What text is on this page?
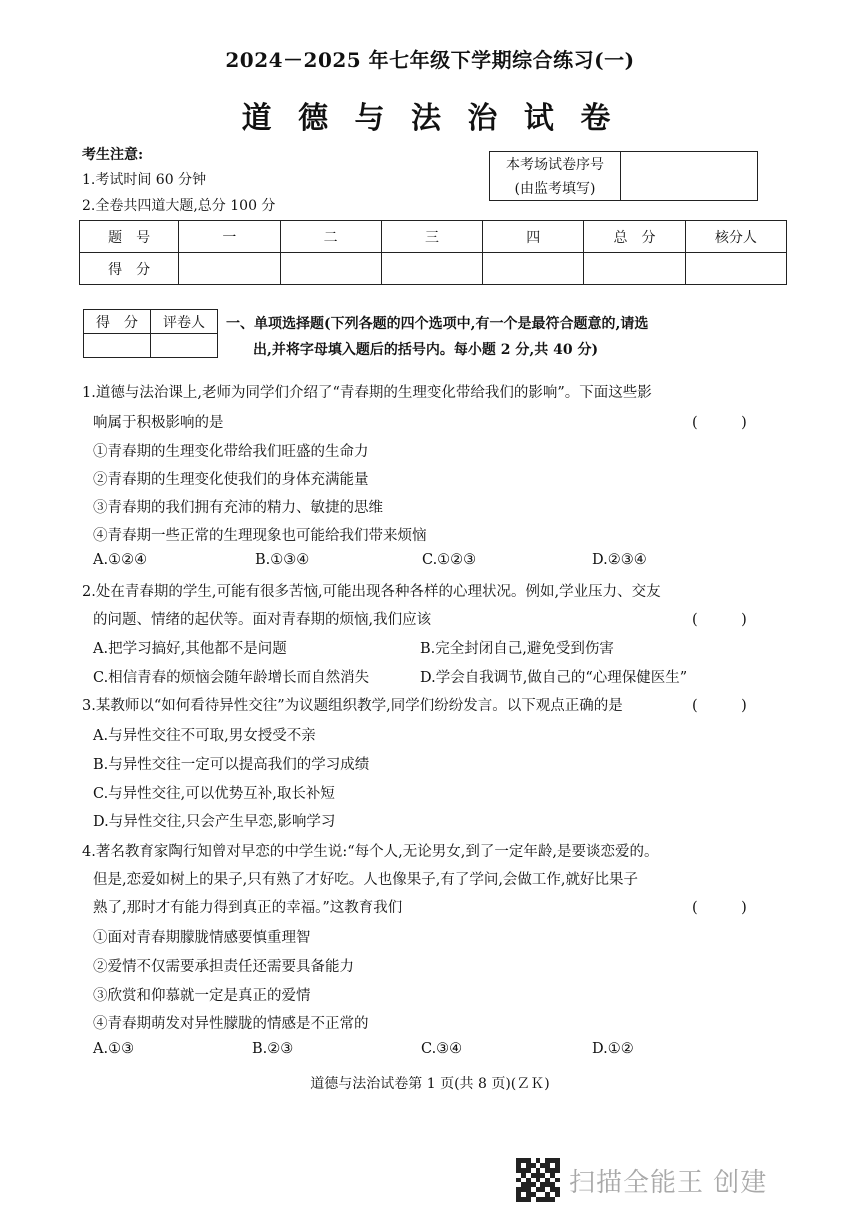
2024－2025 年七年级下学期综合练习(一)
道 德 与 法 治 试 卷
考生注意:
1.考试时间 60 分钟
2.全卷共四道大题,总分 100 分
本考场试卷序号	
(由监考填写)
题　号	一	二	三	四	总　分	核分人
得　分						
得　分	评卷人
	一、单项选择题(下列各题的四个选项中,有一个是最符合题意的,请选
出,并将字母填入题后的括号内。每小题 2 分,共 40 分)
1.道德与法治课上,老师为同学们介绍了“青春期的生理变化带给我们的影响”。下面这些影
响属于积极影响的是	(　　　)
①青春期的生理变化带给我们旺盛的生命力
②青春期的生理变化使我们的身体充满能量
③青春期的我们拥有充沛的精力、敏捷的思维
④青春期一些正常的生理现象也可能给我们带来烦恼
A.①②④	B.①③④	C.①②③	D.②③④
2.处在青春期的学生,可能有很多苦恼,可能出现各种各样的心理状况。例如,学业压力、交友
的问题、情绪的起伏等。面对青春期的烦恼,我们应该	(　　　)
A.把学习搞好,其他都不是问题	B.完全封闭自己,避免受到伤害
C.相信青春的烦恼会随年龄增长而自然消失	D.学会自我调节,做自己的“心理保健医生”
3.某教师以“如何看待异性交往”为议题组织教学,同学们纷纷发言。以下观点正确的是	(　　　)
A.与异性交往不可取,男女授受不亲
B.与异性交往一定可以提高我们的学习成绩
C.与异性交往,可以优势互补,取长补短
D.与异性交往,只会产生早恋,影响学习
4.著名教育家陶行知曾对早恋的中学生说:“每个人,无论男女,到了一定年龄,是要谈恋爱的。
但是,恋爱如树上的果子,只有熟了才好吃。人也像果子,有了学问,会做工作,就好比果子
熟了,那时才有能力得到真正的幸福。”这教育我们	(　　　)
①面对青春期朦胧情感要慎重理智
②爱情不仅需要承担责任还需要具备能力
③欣赏和仰慕就一定是真正的爱情
④青春期萌发对异性朦胧的情感是不正常的
A.①③	B.②③	C.③④	D.①②
道德与法治试卷第 1 页(共 8 页)(ＺＫ)
扫描全能王 创建
